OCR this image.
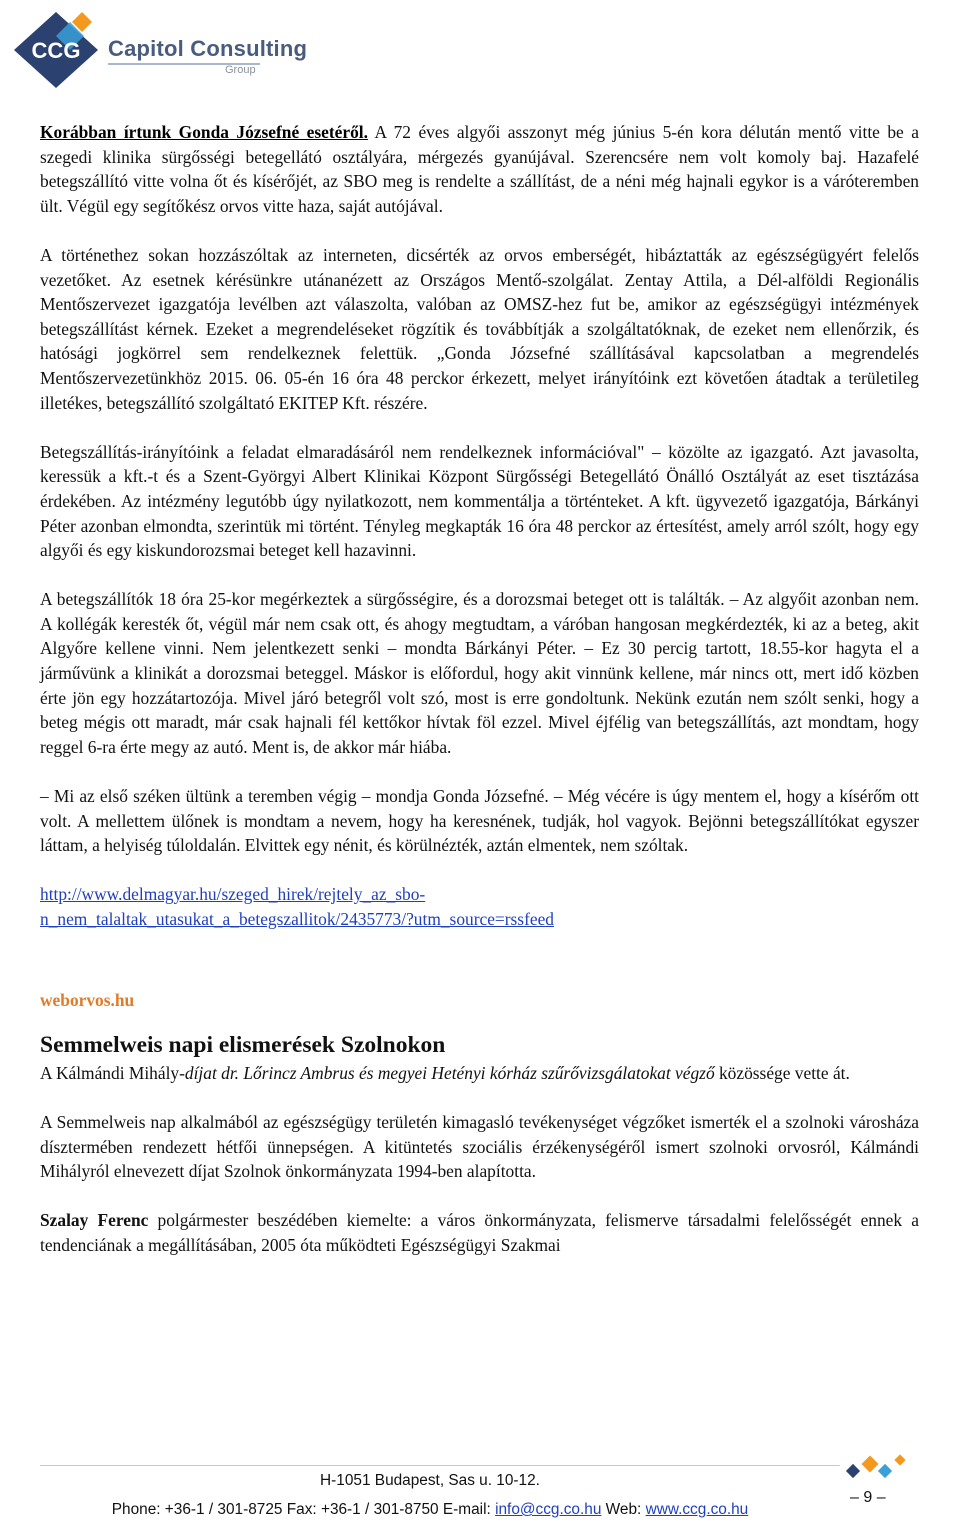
CCG Capitol Consulting
Group

Korábban írtunk Gonda Józsefné esetéről. A 72 éves algyői asszonyt még június 5-én kora délután mentő vitte be a szegedi klinika sürgősségi betegellátó osztályára, mérgezés gyanújával. Szerencsére nem volt komoly baj. Hazafelé betegszállító vitte volna őt és kísérőjét, az SBO meg is rendelte a szállítást, de a néni még hajnali egykor is a váróteremben ült. Végül egy segítőkész orvos vitte haza, saját autójával.

A történethez sokan hozzászóltak az interneten, dicsérték az orvos emberségét, hibáztatták az egészségügyért felelős vezetőket. Az esetnek kérésünkre utánanézett az Országos Mentő-szolgálat. Zentay Attila, a Dél-alföldi Regionális Mentőszervezet igazgatója levélben azt válaszolta, valóban az OMSZ-hez fut be, amikor az egészségügyi intézmények betegszállítást kérnek. Ezeket a megrendeléseket rögzítik és továbbítják a szolgáltatóknak, de ezeket nem ellenőrzik, és hatósági jogkörrel sem rendelkeznek felettük. „Gonda Józsefné szállításával kapcsolatban a megrendelés Mentőszervezetünkhöz 2015. 06. 05-én 16 óra 48 perckor érkezett, melyet irányítóink ezt követően átadtak a területileg illetékes, betegszállító szolgáltató EKITEP Kft. részére.

Betegszállítás-irányítóink a feladat elmaradásáról nem rendelkeznek információval" – közölte az igazgató. Azt javasolta, keressük a kft.-t és a Szent-Györgyi Albert Klinikai Központ Sürgősségi Betegellátó Önálló Osztályát az eset tisztázása érdekében. Az intézmény legutóbb úgy nyilatkozott, nem kommentálja a történteket. A kft. ügyvezető igazgatója, Bárkányi Péter azonban elmondta, szerintük mi történt. Tényleg megkapták 16 óra 48 perckor az értesítést, amely arról szólt, hogy egy algyői és egy kiskundorozsmai beteget kell hazavinni.

A betegszállítók 18 óra 25-kor megérkeztek a sürgősségire, és a dorozsmai beteget ott is találták. – Az algyőit azonban nem. A kollégák keresték őt, végül már nem csak ott, és ahogy megtudtam, a váróban hangosan megkérdezték, ki az a beteg, akit Algyőre kellene vinni. Nem jelentkezett senki – mondta Bárkányi Péter. – Ez 30 percig tartott, 18.55-kor hagyta el a járművünk a klinikát a dorozsmai beteggel. Máskor is előfordul, hogy akit vinnünk kellene, már nincs ott, mert idő közben érte jön egy hozzátartozója. Mivel járó betegről volt szó, most is erre gondoltunk. Nekünk ezután nem szólt senki, hogy a beteg mégis ott maradt, már csak hajnali fél kettőkor hívtak föl ezzel. Mivel éjfélig van betegszállítás, azt mondtam, hogy reggel 6-ra érte megy az autó. Ment is, de akkor már hiába.

– Mi az első széken ültünk a teremben végig – mondja Gonda Józsefné. – Még vécére is úgy mentem el, hogy a kísérőm ott volt. A mellettem ülőnek is mondtam a nevem, hogy ha keresnének, tudják, hol vagyok. Bejönni betegszállítókat egyszer láttam, a helyiség túloldalán. Elvittek egy nénit, és körülnézték, aztán elmentek, nem szóltak.

http://www.delmagyar.hu/szeged_hirek/rejtely_az_sbo-
n_nem_talaltak_utasukat_a_betegszallitok/2435773/?utm_source=rssfeed

weborvos.hu
Semmelweis napi elismerések Szolnokon

A Kálmándi Mihály-díjat dr. Lőrincz Ambrus és megyei Hetényi kórház szűrővizsgálatokat végző közössége vette át.

A Semmelweis nap alkalmából az egészségügy területén kimagasló tevékenységet végzőket ismerték el a szolnoki városháza dísztermében rendezett hétfői ünnepségen. A kitüntetés szociális érzékenységéről ismert szolnoki orvosról, Kálmándi Mihályról elnevezett díjat Szolnok önkormányzata 1994-ben alapította.

Szalay Ferenc polgármester beszédében kiemelte: a város önkormányzata, felismerve társadalmi felelősségét ennek a tendenciának a megállításában, 2005 óta működteti Egészségügyi Szakmai

H-1051 Budapest, Sas u. 10-12.
Phone: +36-1 / 301-8725 Fax: +36-1 / 301-8750 E-mail: info@ccg.co.hu Web: www.ccg.co.hu
– 9 –
